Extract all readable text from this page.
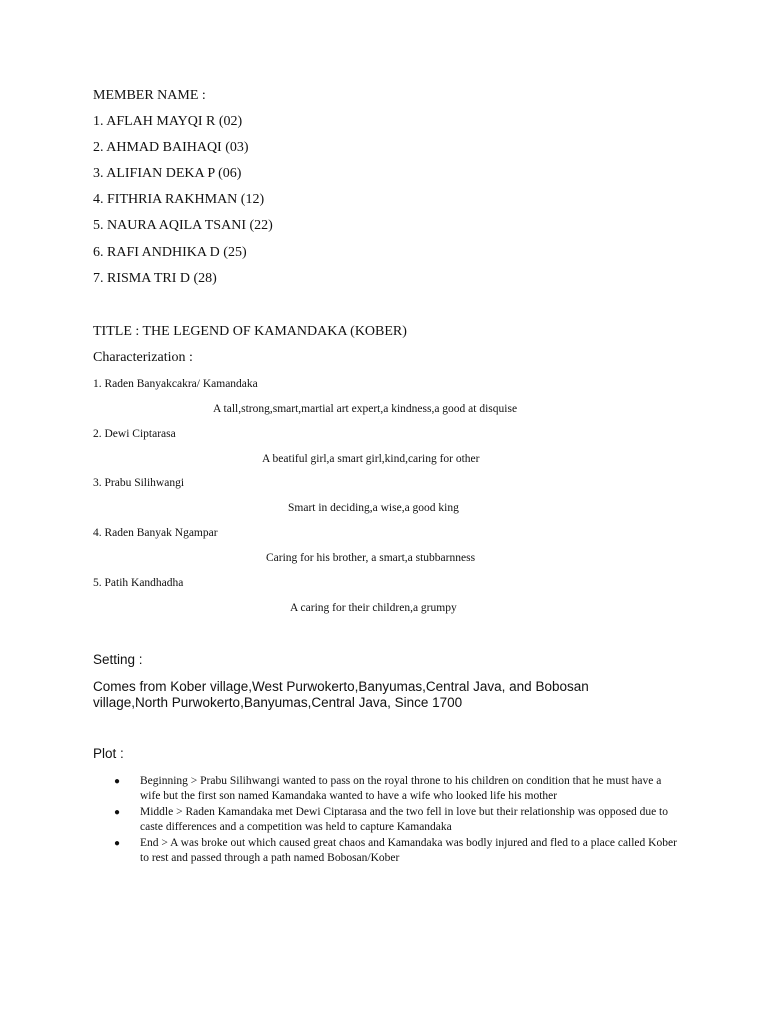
MEMBER NAME :
1. AFLAH MAYQI R (02)
2. AHMAD BAIHAQI (03)
3. ALIFIAN DEKA P (06)
4. FITHRIA RAKHMAN (12)
5. NAURA AQILA TSANI (22)
6. RAFI ANDHIKA D (25)
7. RISMA TRI D (28)
TITLE : THE LEGEND OF KAMANDAKA (KOBER)
Characterization :
1. Raden Banyakcakra/ Kamandaka
A tall,strong,smart,martial art expert,a kindness,a good at disquise
2. Dewi Ciptarasa
A beatiful girl,a smart girl,kind,caring for other
3. Prabu Silihwangi
Smart in deciding,a wise,a good king
4. Raden Banyak Ngampar
Caring for his brother, a smart,a stubbarnness
5. Patih Kandhadha
A caring for their children,a grumpy
Setting :
Comes from Kober village,West Purwokerto,Banyumas,Central Java, and Bobosan village,North Purwokerto,Banyumas,Central Java, Since 1700
Plot :
● Beginning > Prabu Silihwangi wanted to pass on the royal throne to his children on condition that he must have a wife but the first son named Kamandaka wanted to have a wife who looked life his mother
● Middle > Raden Kamandaka met Dewi Ciptarasa and the two fell in love but their relationship was opposed due to caste differences and a competition was held to capture Kamandaka
● End > A was broke out which caused great chaos and Kamandaka was bodly injured and fled to a place called Kober to rest and passed through a path named Bobosan/Kober
